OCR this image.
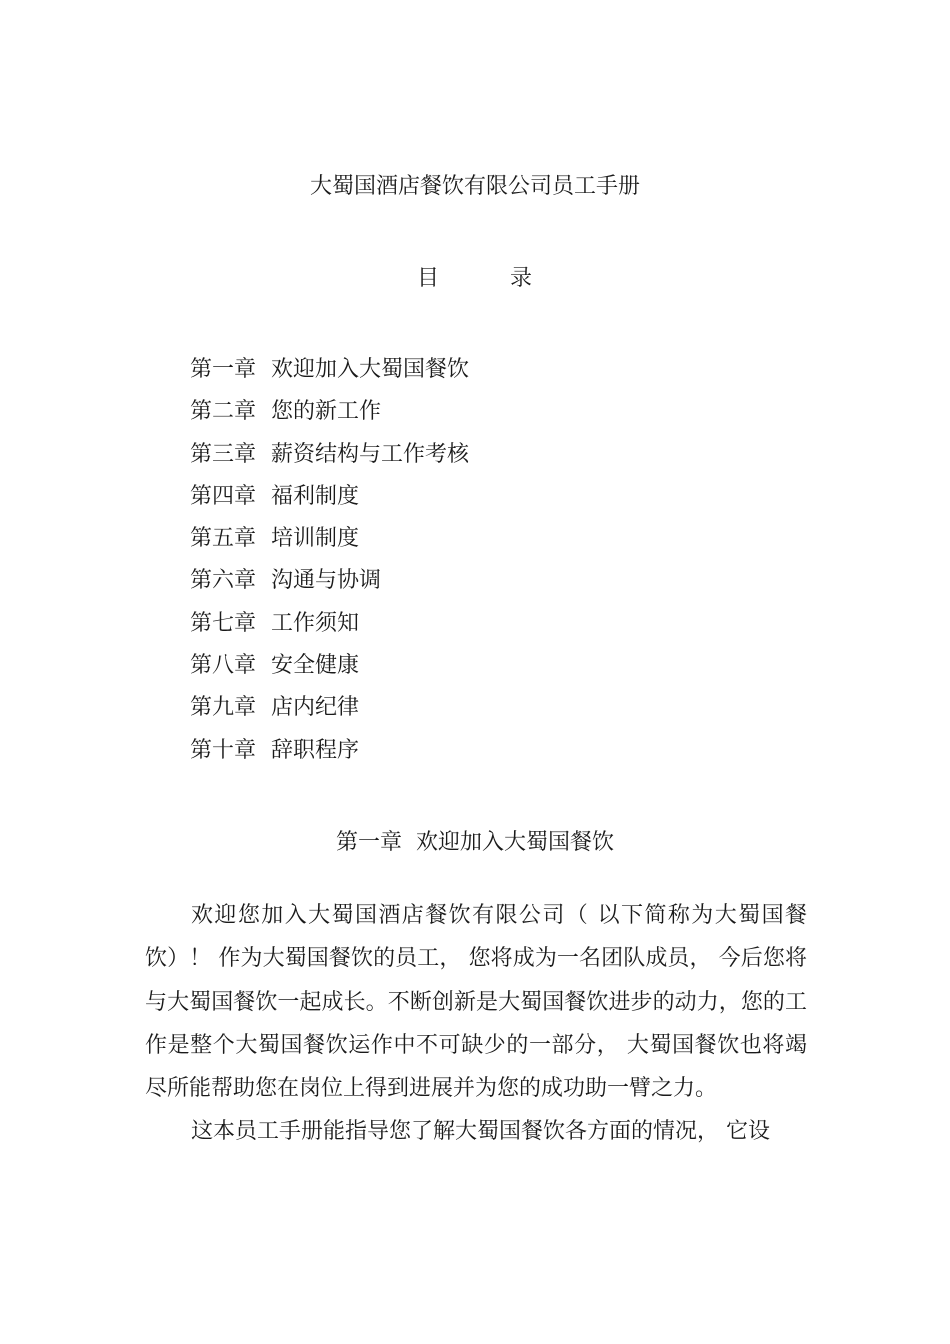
大蜀国酒店餐饮有限公司员工手册
目	录
第一章 欢迎加入大蜀国餐饮
第二章 您的新工作
第三章 薪资结构与工作考核
第四章 福利制度
第五章 培训制度
第六章 沟通与协调
第七章 工作须知
第八章 安全健康
第九章 店内纪律
第十章 辞职程序
第一章  欢迎加入大蜀国餐饮

欢迎您加入大蜀国酒店餐饮有限公司（ 以下简称为大蜀国餐饮）！ 作为大蜀国餐饮的员工， 您将成为一名团队成员， 今后您将与大蜀国餐饮一起成长。不断创新是大蜀国餐饮进步的动力，您的工作是整个大蜀国餐饮运作中不可缺少的一部分， 大蜀国餐饮也将竭尽所能帮助您在岗位上得到进展并为您的成功助一臂之力。

这本员工手册能指导您了解大蜀国餐饮各方面的情况， 它设
